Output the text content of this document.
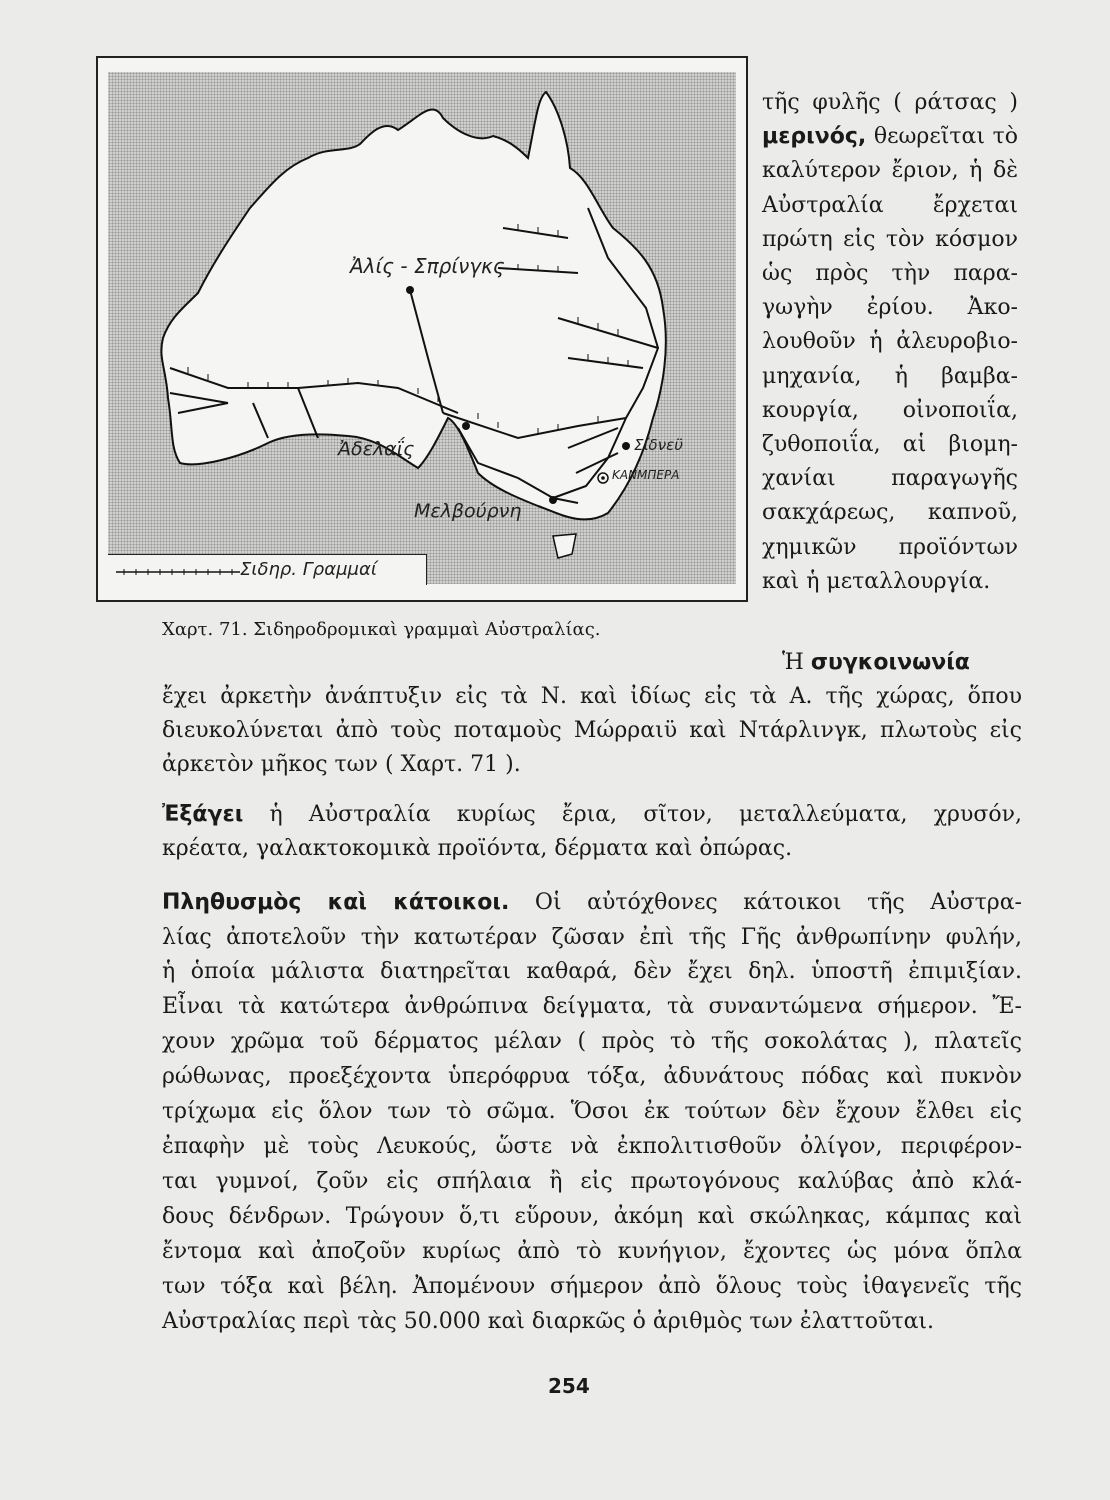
Ἀλίς - Σπρίνγκς
Ἀδελαΐς	Σίδνεϋ
ΚΑΝΜΠΕΡΑ
Μελβούρνη
Σιδηρ. Γραμμαί
τῆς φυλῆς ( ράτσας )
μερινός, θεωρεῖται τὸ
καλύτερον ἔριον, ἡ δὲ
Αὐστραλία ἔρχεται
πρώτη εἰς τὸν κόσμον
ὡς πρὸς τὴν παρα-
γωγὴν ἐρίου. Ἀκο-
λουθοῦν ἡ ἀλευροβιο-
μηχανία, ἡ βαμβα-
κουργία, οἰνοποιΐα,
ζυθοποιΐα, αἱ βιομη-
χανίαι παραγωγῆς
σακχάρεως, καπνοῦ,
χημικῶν προϊόντων
καὶ ἡ μεταλλουργία.
Χαρτ. 71. Σιδηροδρομικαὶ γραμμαὶ Αὐστραλίας.
Ἡ συγκοινωνία
ἔχει ἀρκετὴν ἀνάπτυξιν εἰς τὰ Ν. καὶ ἰδίως εἰς τὰ Α. τῆς χώρας, ὅπου
διευκολύνεται ἀπὸ τοὺς ποταμοὺς Μώρραιϋ καὶ Ντάρλινγκ, πλωτοὺς εἰς
ἀρκετὸν μῆκος των ( Χαρτ. 71 ).
Ἐξάγει ἡ Αὐστραλία κυρίως ἔρια, σῖτον, μεταλλεύματα, χρυσόν,
κρέατα, γαλακτοκομικὰ προϊόντα, δέρματα καὶ ὀπώρας.
Πληθυσμὸς καὶ κάτοικοι. Οἱ αὐτόχθονες κάτοικοι τῆς Αὐστρα-
λίας ἀποτελοῦν τὴν κατωτέραν ζῶσαν ἐπὶ τῆς Γῆς ἀνθρωπίνην φυλήν,
ἡ ὁποία μάλιστα διατηρεῖται καθαρά, δὲν ἔχει δηλ. ὑποστῆ ἐπιμιξίαν.
Εἶναι τὰ κατώτερα ἀνθρώπινα δείγματα, τὰ συναντώμενα σήμερον. Ἔ-
χουν χρῶμα τοῦ δέρματος μέλαν ( πρὸς τὸ τῆς σοκολάτας ), πλατεῖς
ρώθωνας, προεξέχοντα ὑπερόφρυα τόξα, ἀδυνάτους πόδας καὶ πυκνὸν
τρίχωμα εἰς ὅλον των τὸ σῶμα. Ὅσοι ἐκ τούτων δὲν ἔχουν ἔλθει εἰς
ἐπαφὴν μὲ τοὺς Λευκούς, ὥστε νὰ ἐκπολιτισθοῦν ὀλίγον, περιφέρον-
ται γυμνοί, ζοῦν εἰς σπήλαια ἢ εἰς πρωτογόνους καλύβας ἀπὸ κλά-
δους δένδρων. Τρώγουν ὅ,τι εὕρουν, ἀκόμη καὶ σκώληκας, κάμπας καὶ
ἔντομα καὶ ἀποζοῦν κυρίως ἀπὸ τὸ κυνήγιον, ἔχοντες ὡς μόνα ὅπλα
των τόξα καὶ βέλη. Ἀπομένουν σήμερον ἀπὸ ὅλους τοὺς ἰθαγενεῖς τῆς
Αὐστραλίας περὶ τὰς 50.000 καὶ διαρκῶς ὁ ἀριθμὸς των ἐλαττοῦται.
254
